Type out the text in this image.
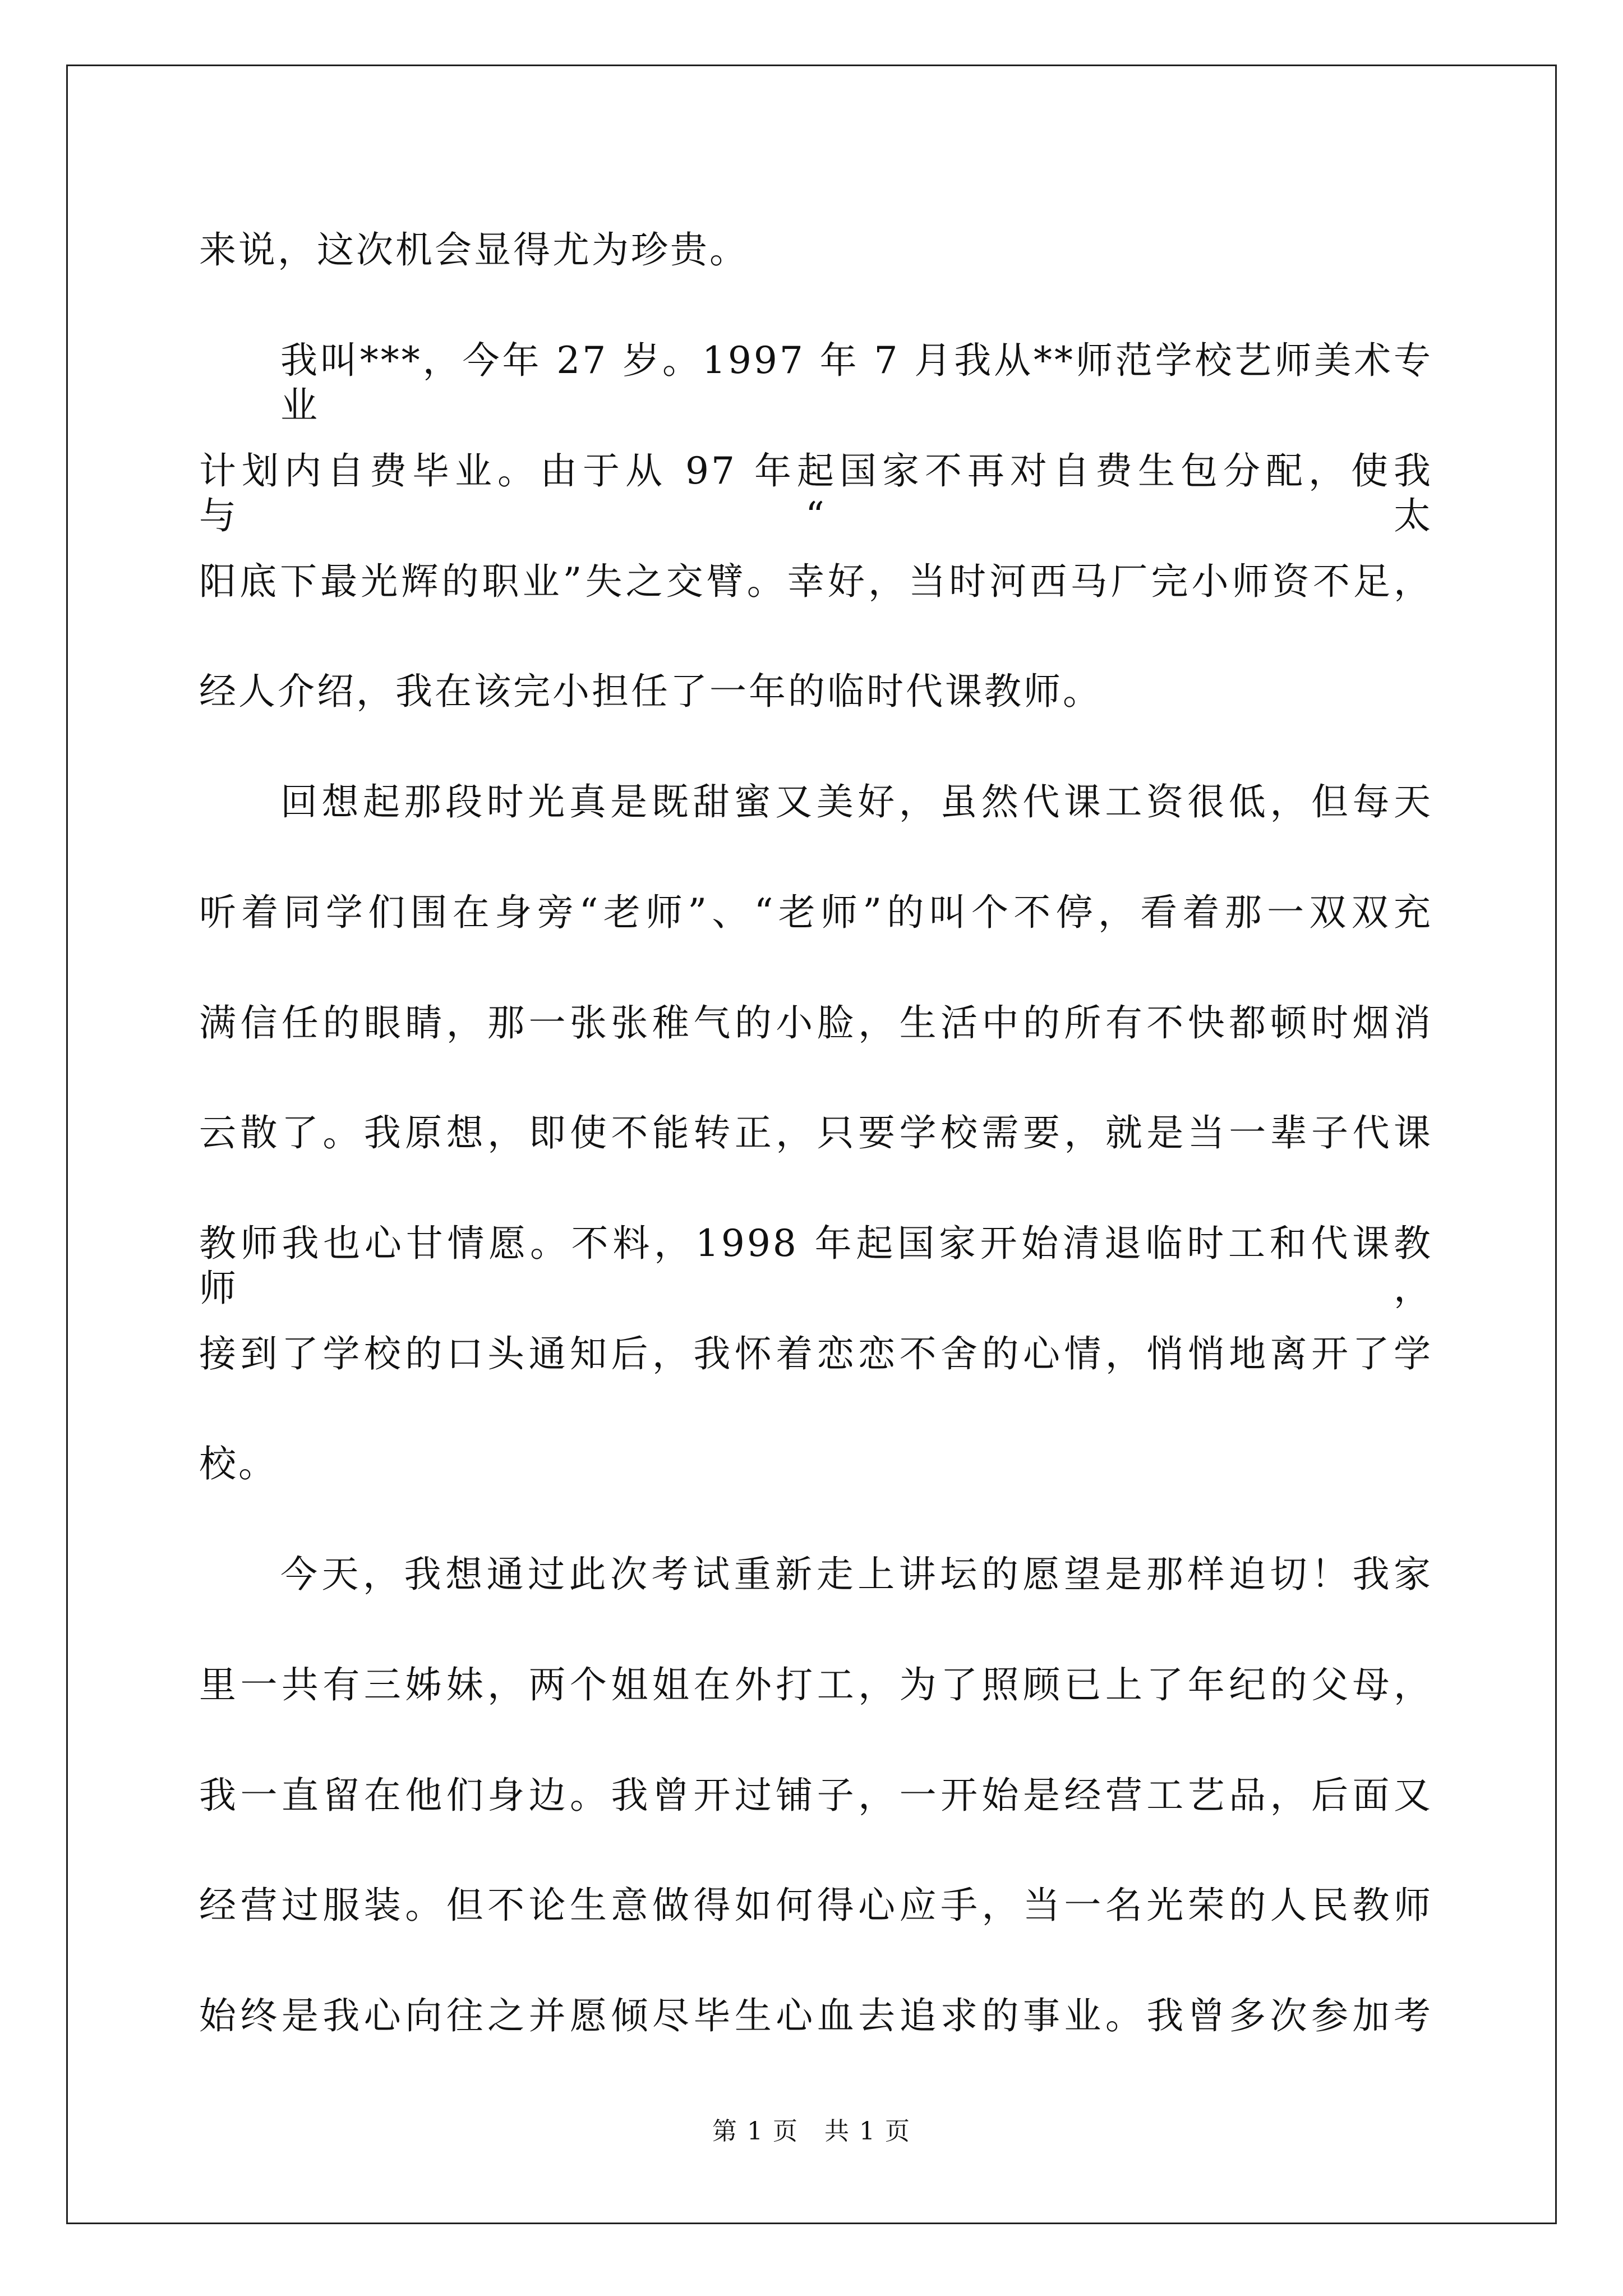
来说，这次机会显得尤为珍贵。
我叫***，今年 27 岁。1997 年 7 月我从**师范学校艺师美术专业
计划内自费毕业。由于从 97 年起国家不再对自费生包分配，使我与“太
阳底下最光辉的职业”失之交臂。幸好，当时河西马厂完小师资不足，
经人介绍，我在该完小担任了一年的临时代课教师。
回想起那段时光真是既甜蜜又美好，虽然代课工资很低，但每天
听着同学们围在身旁“老师”、“老师”的叫个不停，看着那一双双充
满信任的眼睛，那一张张稚气的小脸，生活中的所有不快都顿时烟消
云散了。我原想，即使不能转正，只要学校需要，就是当一辈子代课
教师我也心甘情愿。不料，1998 年起国家开始清退临时工和代课教师，
接到了学校的口头通知后，我怀着恋恋不舍的心情，悄悄地离开了学
校。
今天，我想通过此次考试重新走上讲坛的愿望是那样迫切！我家
里一共有三姊妹，两个姐姐在外打工，为了照顾已上了年纪的父母，
我一直留在他们身边。我曾开过铺子，一开始是经营工艺品，后面又
经营过服装。但不论生意做得如何得心应手，当一名光荣的人民教师
始终是我心向往之并愿倾尽毕生心血去追求的事业。我曾多次参加考
第 1 页　共 1 页
